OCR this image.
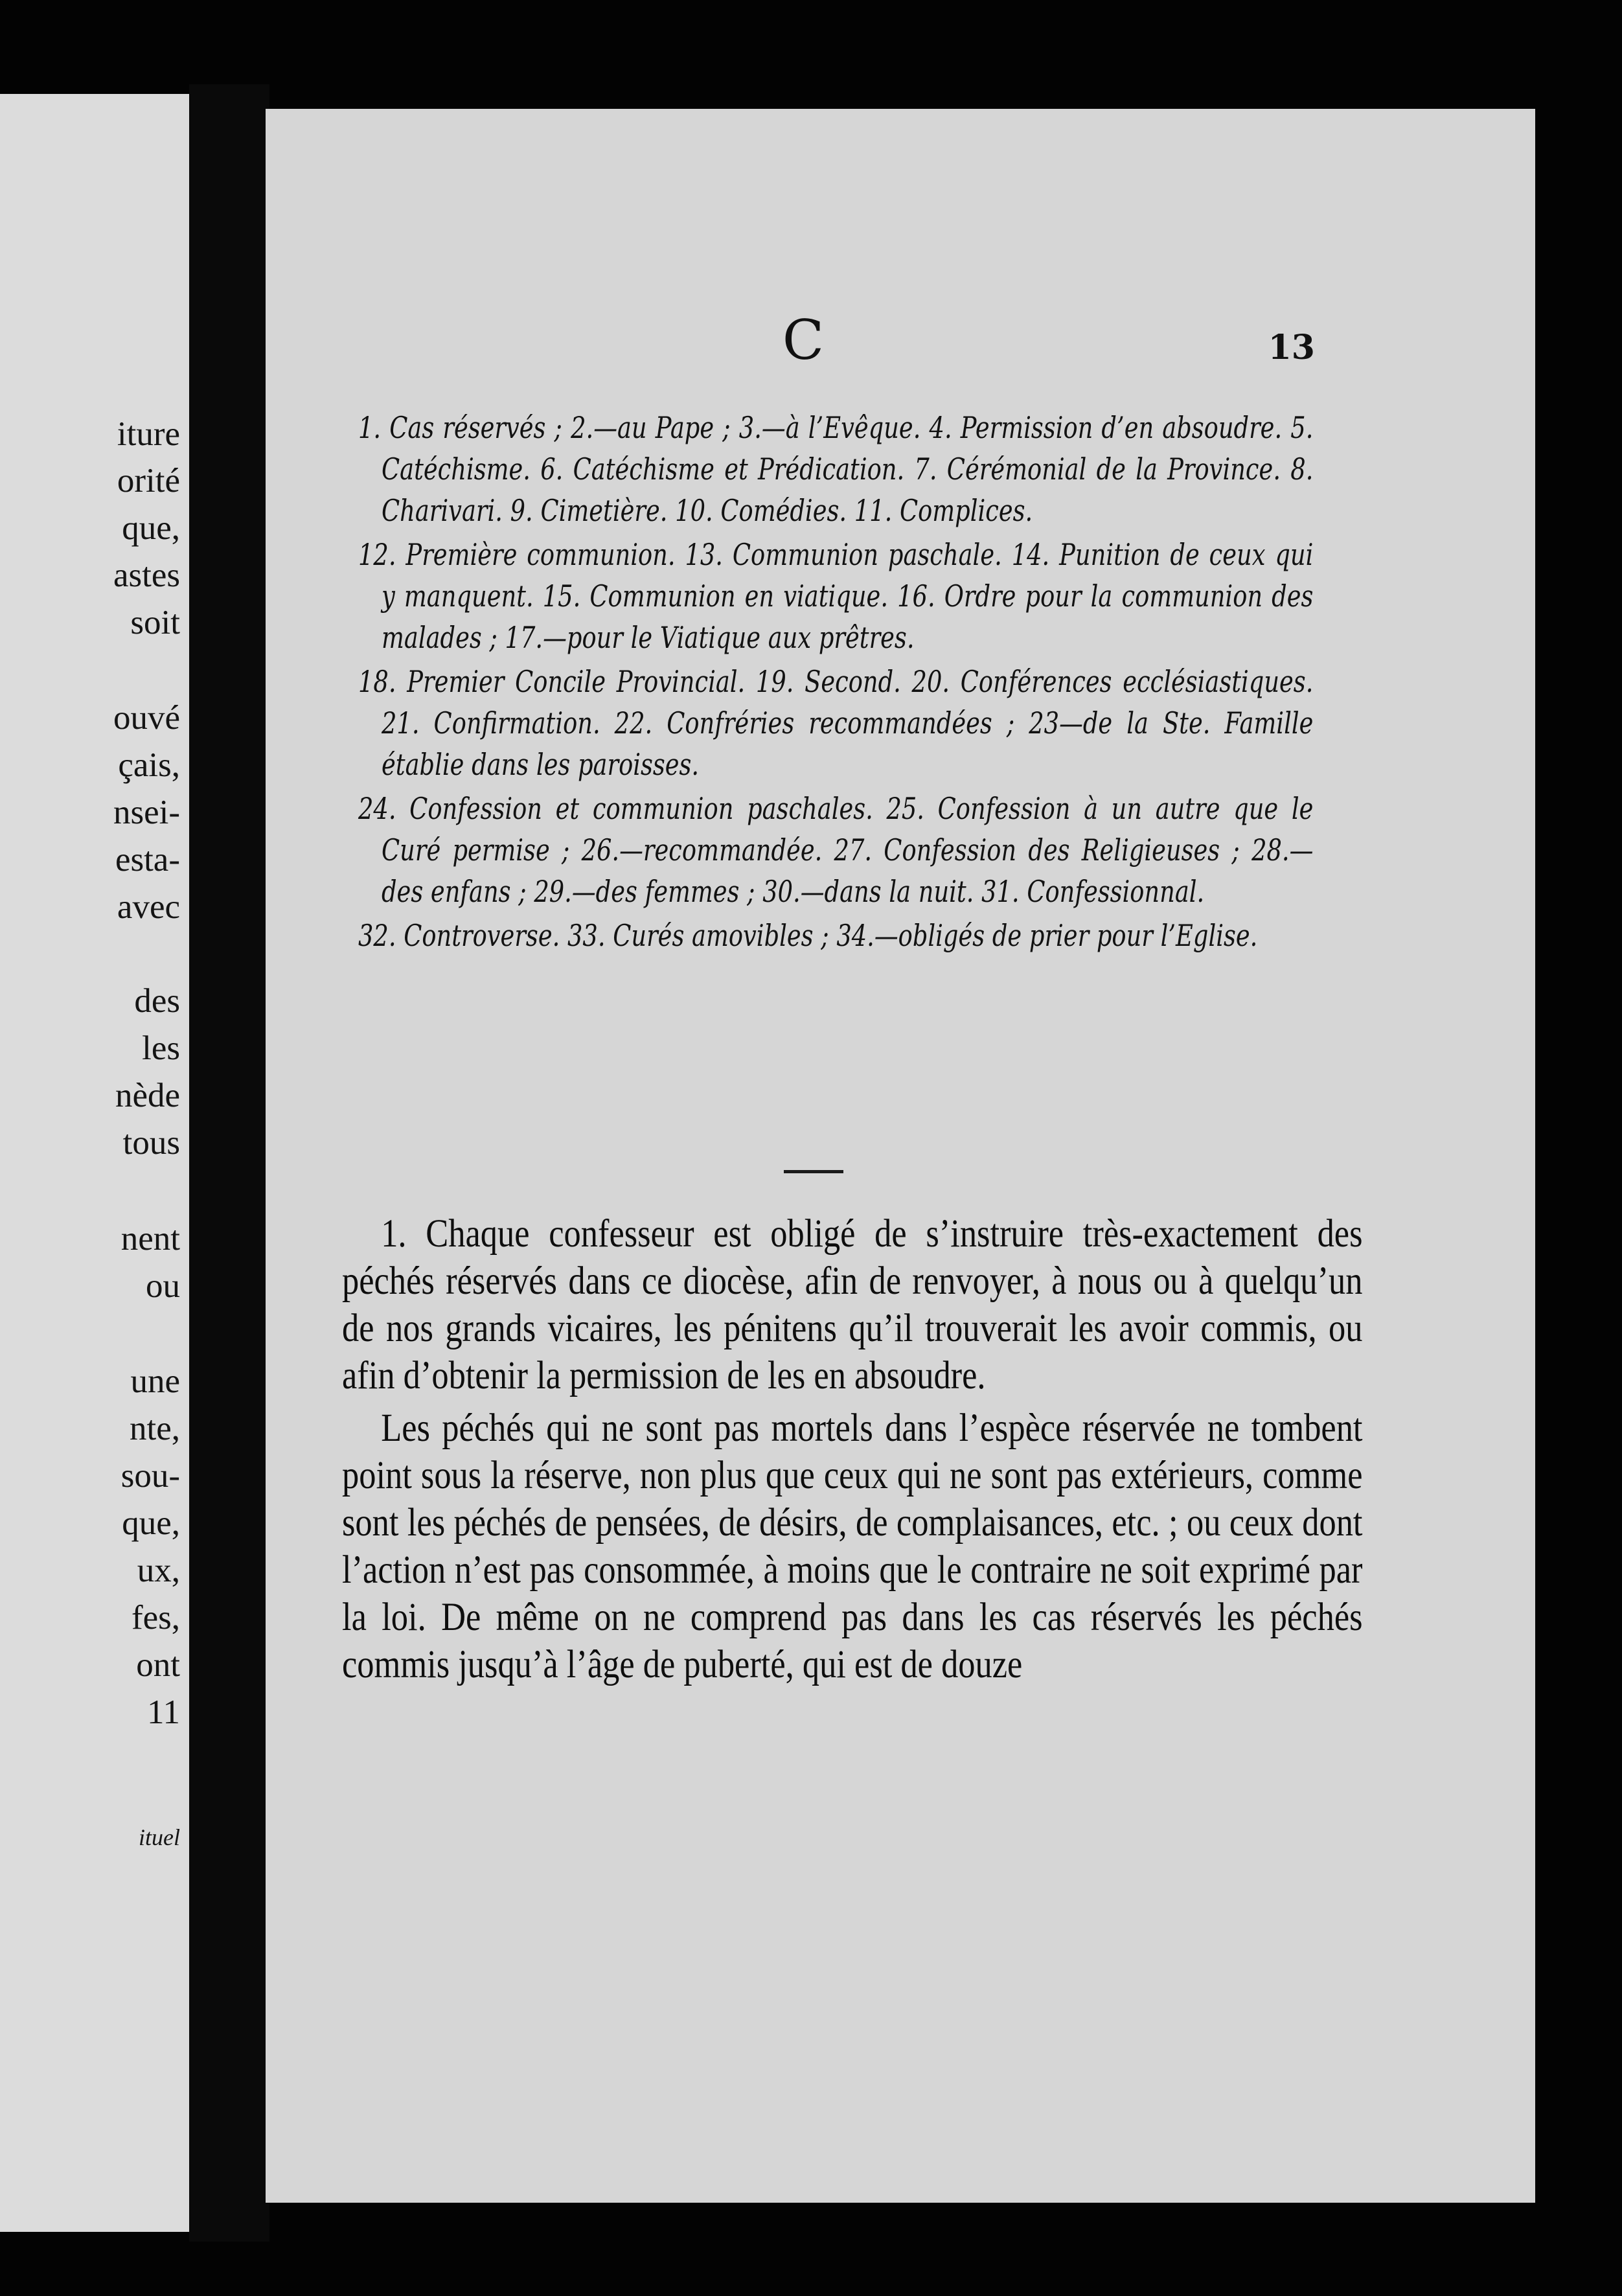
iture
orité
que,
astes
soit
ouvé
çais,
nsei-
esta-
avec
des
les
nède
tous
nent
ou
une
nte,
sou-
que,
ux,
fes,
ont
11
ituel
C	13

1. Cas réservés ; 2.—au Pape ; 3.—à l’Evêque. 4. Permission d’en absoudre. 5. Catéchisme. 6. Catéchisme et Prédication. 7. Cérémonial de la Province. 8. Charivari. 9. Cimetière. 10. Comédies. 11. Complices.

12. Première communion. 13. Communion paschale. 14. Punition de ceux qui y manquent. 15. Communion en viatique. 16. Ordre pour la communion des malades ; 17.—pour le Viatique aux prêtres.

18. Premier Concile Provincial. 19. Second. 20. Conférences ecclésiastiques. 21. Confirmation. 22. Confréries recommandées ; 23—de la Ste. Famille établie dans les paroisses.

24. Confession et communion paschales. 25. Confession à un autre que le Curé permise ; 26.—recommandée. 27. Confession des Religieuses ; 28.—des enfans ; 29.—des femmes ; 30.—dans la nuit. 31. Confessionnal.

32. Controverse. 33. Curés amovibles ; 34.—obligés de prier pour l’Eglise.

1. Chaque confesseur est obligé de s’instruire très-exactement des péchés réservés dans ce diocèse, afin de renvoyer, à nous ou à quelqu’un de nos grands vicaires, les pénitens qu’il trouverait les avoir commis, ou afin d’obtenir la permission de les en absoudre.

Les péchés qui ne sont pas mortels dans l’espèce réservée ne tombent point sous la réserve, non plus que ceux qui ne sont pas extérieurs, comme sont les péchés de pensées, de désirs, de complaisances, etc. ; ou ceux dont l’action n’est pas consommée, à moins que le contraire ne soit exprimé par la loi. De même on ne comprend pas dans les cas réservés les péchés commis jusqu’à l’âge de puberté, qui est de douze
